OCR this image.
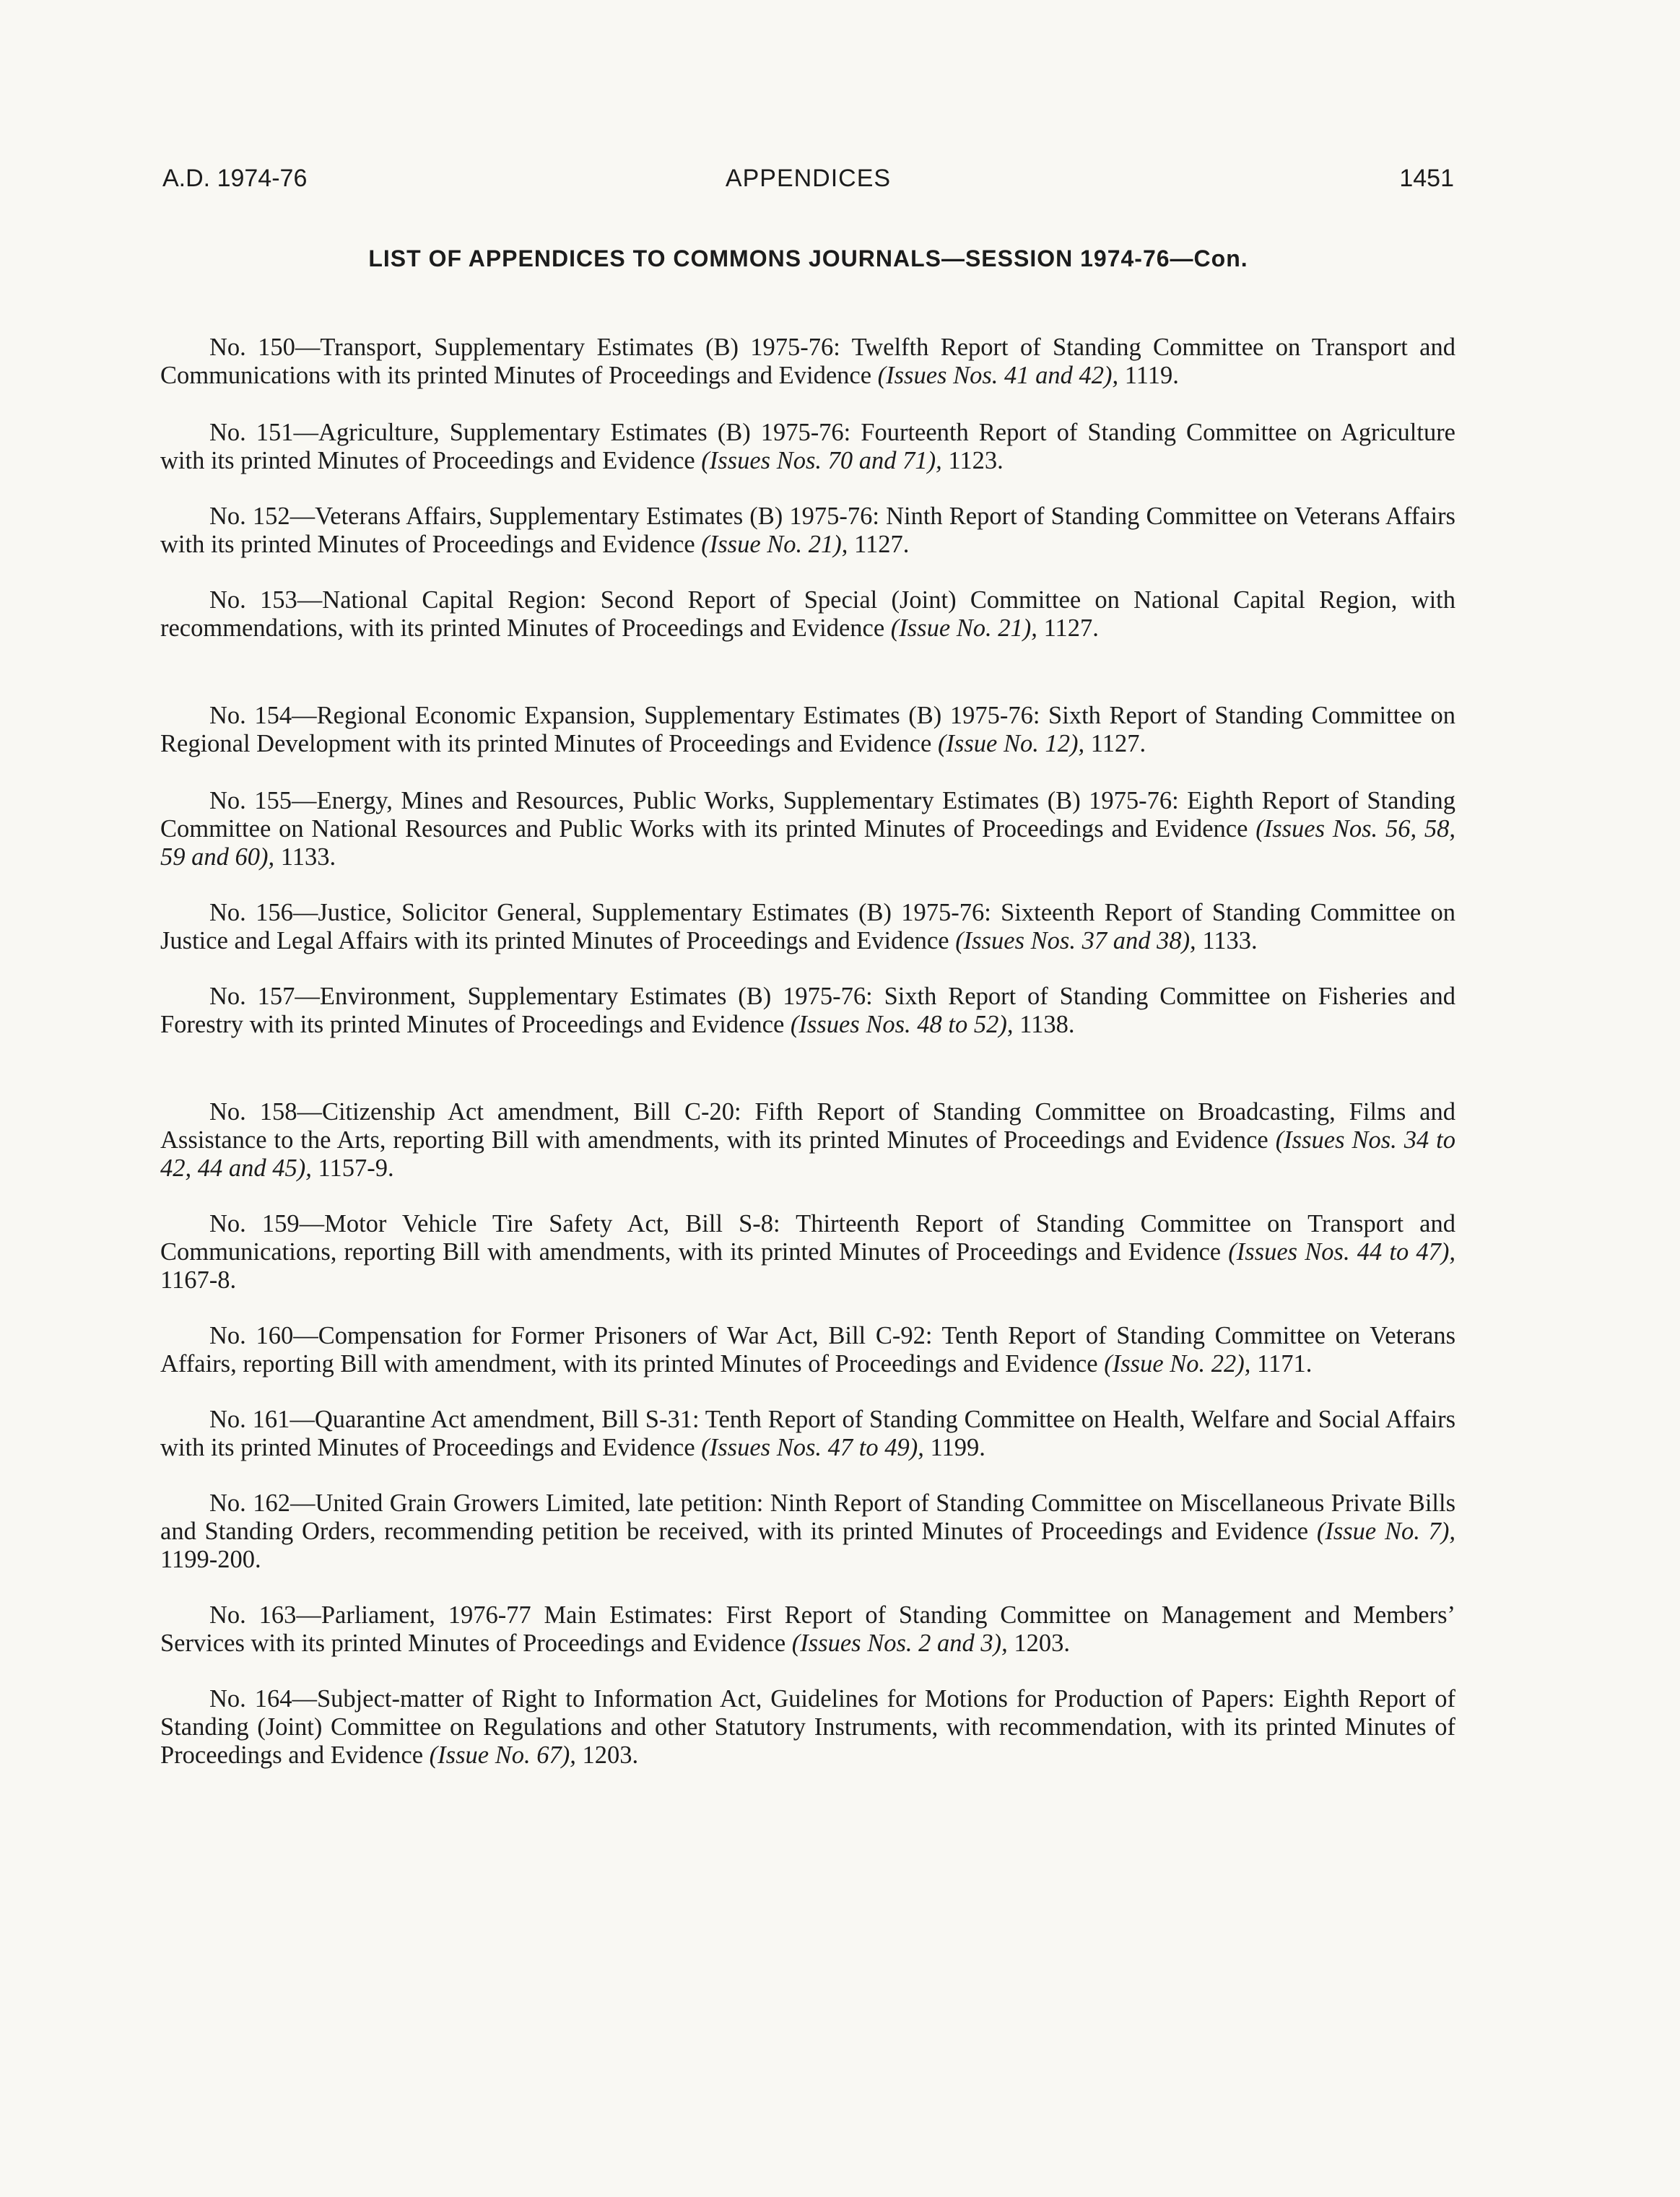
A.D. 1974-76	APPENDICES	1451
LIST OF APPENDICES TO COMMONS JOURNALS—SESSION 1974-76—Con.

No. 150—Transport, Supplementary Estimates (B) 1975-76: Twelfth Report of Standing Committee on Transport and Communications with its printed Minutes of Proceedings and Evidence (Issues Nos. 41 and 42), 1119.

No. 151—Agriculture, Supplementary Estimates (B) 1975-76: Fourteenth Report of Standing Committee on Agriculture with its printed Minutes of Proceedings and Evidence (Issues Nos. 70 and 71), 1123.

No. 152—Veterans Affairs, Supplementary Estimates (B) 1975-76: Ninth Report of Standing Committee on Veterans Affairs with its printed Minutes of Proceedings and Evidence (Issue No. 21), 1127.

No. 153—National Capital Region: Second Report of Special (Joint) Committee on National Capital Region, with recommendations, with its printed Minutes of Proceedings and Evidence (Issue No. 21), 1127.

No. 154—Regional Economic Expansion, Supplementary Estimates (B) 1975-76: Sixth Report of Standing Committee on Regional Development with its printed Minutes of Proceedings and Evidence (Issue No. 12), 1127.

No. 155—Energy, Mines and Resources, Public Works, Supplementary Estimates (B) 1975-76: Eighth Report of Standing Committee on National Resources and Public Works with its printed Minutes of Proceedings and Evidence (Issues Nos. 56, 58, 59 and 60), 1133.

No. 156—Justice, Solicitor General, Supplementary Estimates (B) 1975-76: Sixteenth Report of Standing Committee on Justice and Legal Affairs with its printed Minutes of Proceedings and Evidence (Issues Nos. 37 and 38), 1133.

No. 157—Environment, Supplementary Estimates (B) 1975-76: Sixth Report of Standing Committee on Fisheries and Forestry with its printed Minutes of Proceedings and Evidence (Issues Nos. 48 to 52), 1138.

No. 158—Citizenship Act amendment, Bill C-20: Fifth Report of Standing Committee on Broadcasting, Films and Assistance to the Arts, reporting Bill with amendments, with its printed Minutes of Proceedings and Evidence (Issues Nos. 34 to 42, 44 and 45), 1157-9.

No. 159—Motor Vehicle Tire Safety Act, Bill S-8: Thirteenth Report of Standing Committee on Transport and Communications, reporting Bill with amendments, with its printed Minutes of Proceedings and Evidence (Issues Nos. 44 to 47), 1167-8.

No. 160—Compensation for Former Prisoners of War Act, Bill C-92: Tenth Report of Standing Committee on Veterans Affairs, reporting Bill with amendment, with its printed Minutes of Proceedings and Evidence (Issue No. 22), 1171.

No. 161—Quarantine Act amendment, Bill S-31: Tenth Report of Standing Committee on Health, Welfare and Social Affairs with its printed Minutes of Proceedings and Evidence (Issues Nos. 47 to 49), 1199.

No. 162—United Grain Growers Limited, late petition: Ninth Report of Standing Committee on Miscellaneous Private Bills and Standing Orders, recommending petition be received, with its printed Minutes of Proceedings and Evidence (Issue No. 7), 1199-200.

No. 163—Parliament, 1976-77 Main Estimates: First Report of Standing Committee on Management and Members’ Services with its printed Minutes of Proceedings and Evidence (Issues Nos. 2 and 3), 1203.

No. 164—Subject-matter of Right to Information Act, Guidelines for Motions for Production of Papers: Eighth Report of Standing (Joint) Committee on Regulations and other Statutory Instruments, with recommendation, with its printed Minutes of Proceedings and Evidence (Issue No. 67), 1203.
